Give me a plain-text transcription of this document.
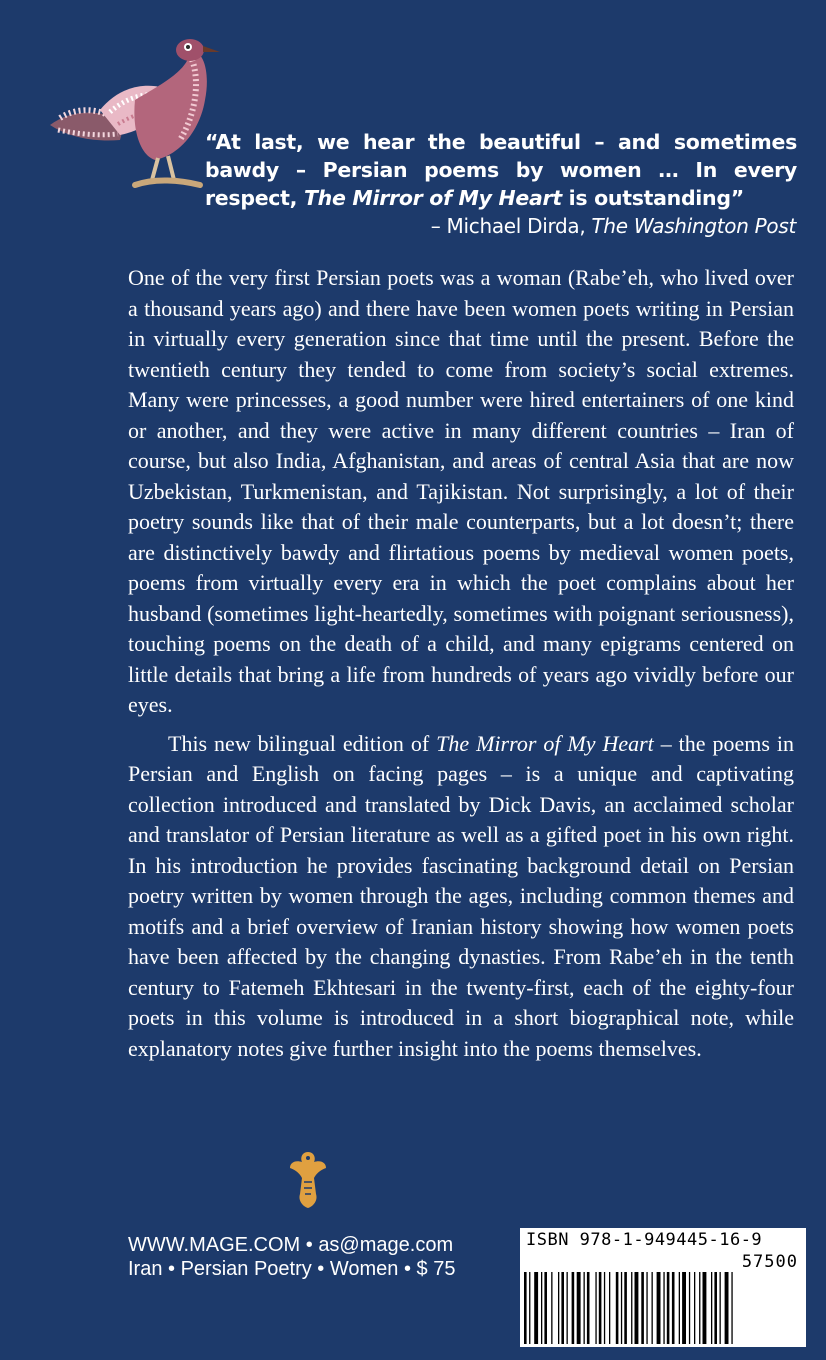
“At last, we hear the beautiful – and sometimes bawdy – Persian poems by women … In every respect, The Mirror of My Heart is outstanding”
– Michael Dirda, The Washington Post

One of the very first Persian poets was a woman (Rabe’eh, who lived over a thousand years ago) and there have been women poets writing in Persian in virtually every generation since that time until the present. Before the twentieth century they tended to come from society’s social extremes. Many were princesses, a good number were hired entertainers of one kind or another, and they were active in many different countries – Iran of course, but also India, Afghanistan, and areas of central Asia that are now Uzbekistan, Turkmenistan, and Tajikistan. Not surprisingly, a lot of their poetry sounds like that of their male counterparts, but a lot doesn’t; there are distinctively bawdy and flirtatious poems by medieval women poets, poems from virtually every era in which the poet complains about her husband (sometimes light-heartedly, sometimes with poignant seriousness), touching poems on the death of a child, and many epigrams centered on little details that bring a life from hundreds of years ago vividly before our eyes.

This new bilingual edition of The Mirror of My Heart – the poems in Persian and English on facing pages – is a unique and captivating collection introduced and translated by Dick Davis, an acclaimed scholar and translator of Persian literature as well as a gifted poet in his own right. In his introduction he provides fascinating background detail on Persian poetry written by women through the ages, including common themes and motifs and a brief overview of Iranian history showing how women poets have been affected by the changing dynasties. From Rabe’eh in the tenth century to Fatemeh Ekhtesari in the twenty-first, each of the eighty-four poets in this volume is introduced in a short biographical note, while explanatory notes give further insight into the poems themselves.

WWW.MAGE.COM • as@mage.com
Iran • Persian Poetry • Women • $ 75
ISBN 978-1-949445-16-9
57500
